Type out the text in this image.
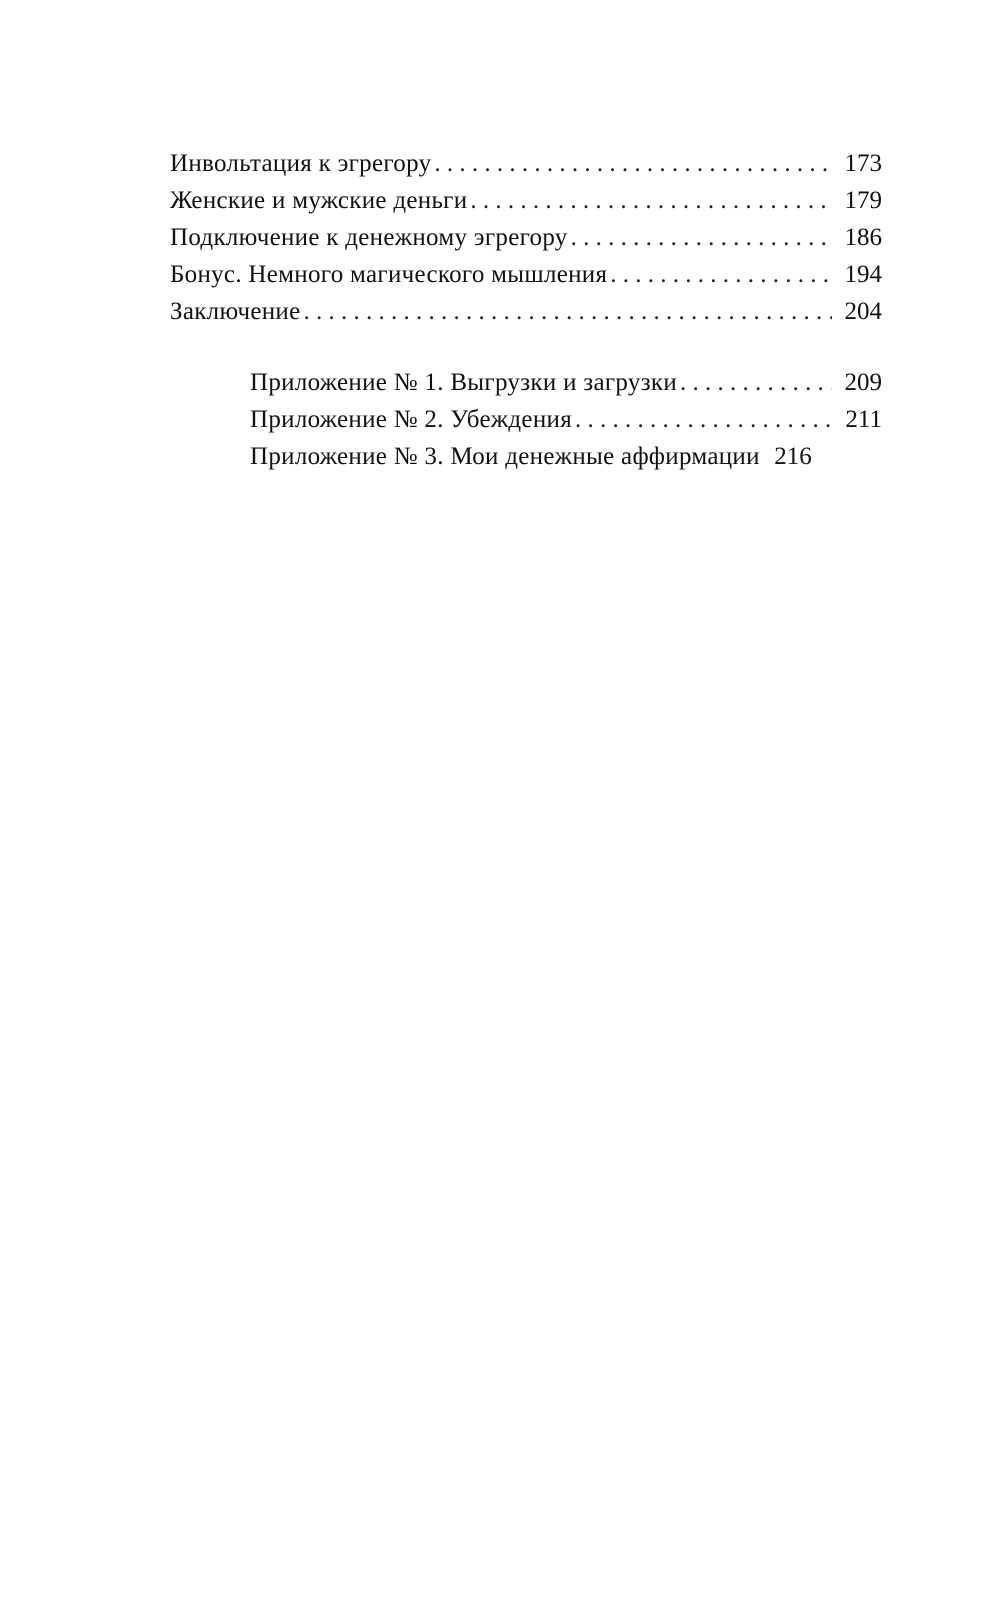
Инвольтация к эгрегору . . .	173
Женские и мужские деньги . . .	179
Подключение к денежному эгрегору . . .	186
Бонус. Немного магического мышления . . .	194
Заключение . . .	204
Приложение № 1. Выгрузки и загрузки . . .	209
Приложение № 2. Убеждения . . .	211
Приложение № 3. Мои денежные аффирмации 216
